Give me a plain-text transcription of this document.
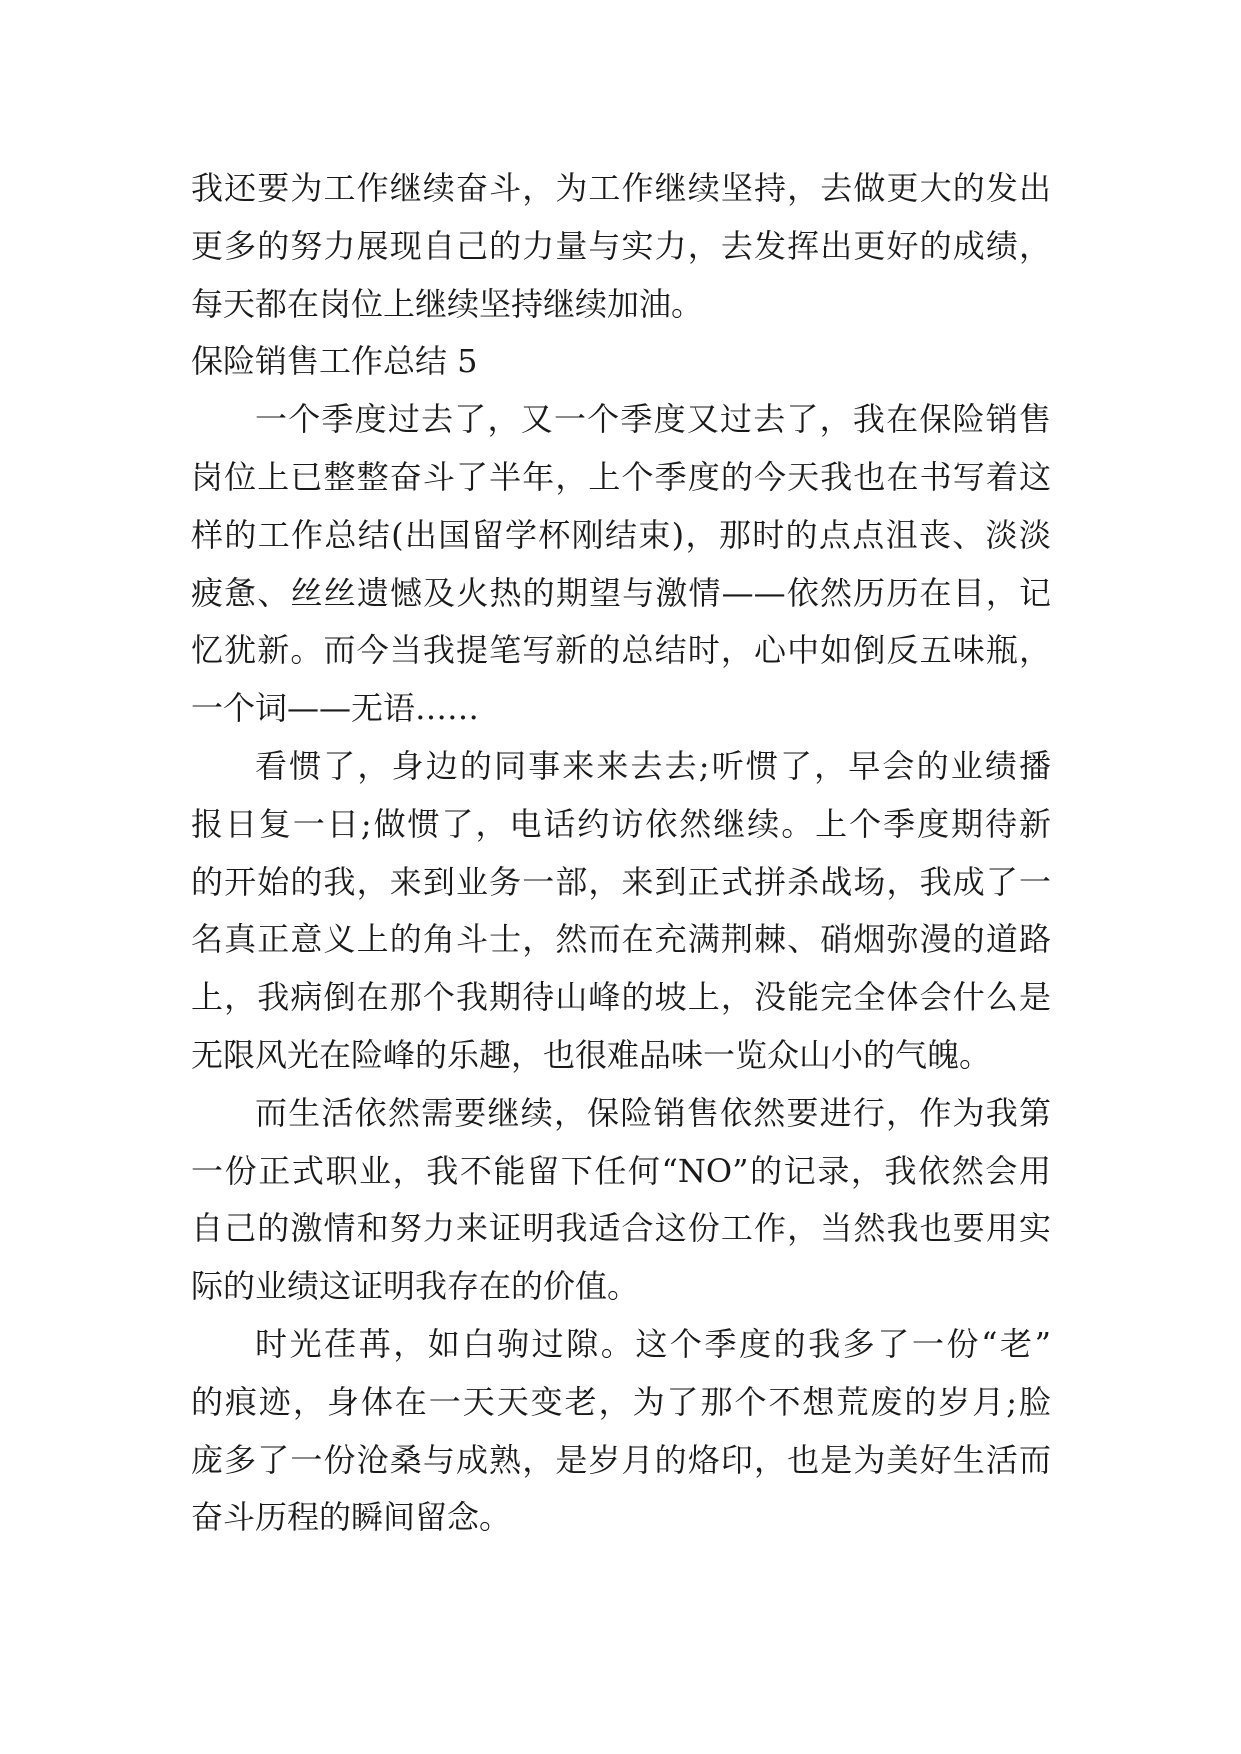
我还要为工作继续奋斗，为工作继续坚持，去做更大的发出
更多的努力展现自己的力量与实力，去发挥出更好的成绩，
每天都在岗位上继续坚持继续加油。
保险销售工作总结 5
一个季度过去了，又一个季度又过去了，我在保险销售
岗位上已整整奋斗了半年，上个季度的今天我也在书写着这
样的工作总结(出国留学杯刚结束)，那时的点点沮丧、淡淡
疲惫、丝丝遗憾及火热的期望与激情——依然历历在目，记
忆犹新。而今当我提笔写新的总结时，心中如倒反五味瓶，
一个词——无语……
看惯了，身边的同事来来去去;听惯了，早会的业绩播
报日复一日;做惯了，电话约访依然继续。上个季度期待新
的开始的我，来到业务一部，来到正式拼杀战场，我成了一
名真正意义上的角斗士，然而在充满荆棘、硝烟弥漫的道路
上，我病倒在那个我期待山峰的坡上，没能完全体会什么是
无限风光在险峰的乐趣，也很难品味一览众山小的气魄。
而生活依然需要继续，保险销售依然要进行，作为我第
一份正式职业，我不能留下任何“NO”的记录，我依然会用
自己的激情和努力来证明我适合这份工作，当然我也要用实
际的业绩这证明我存在的价值。
时光荏苒，如白驹过隙。这个季度的我多了一份“老”
的痕迹，身体在一天天变老，为了那个不想荒废的岁月;脸
庞多了一份沧桑与成熟，是岁月的烙印，也是为美好生活而
奋斗历程的瞬间留念。
